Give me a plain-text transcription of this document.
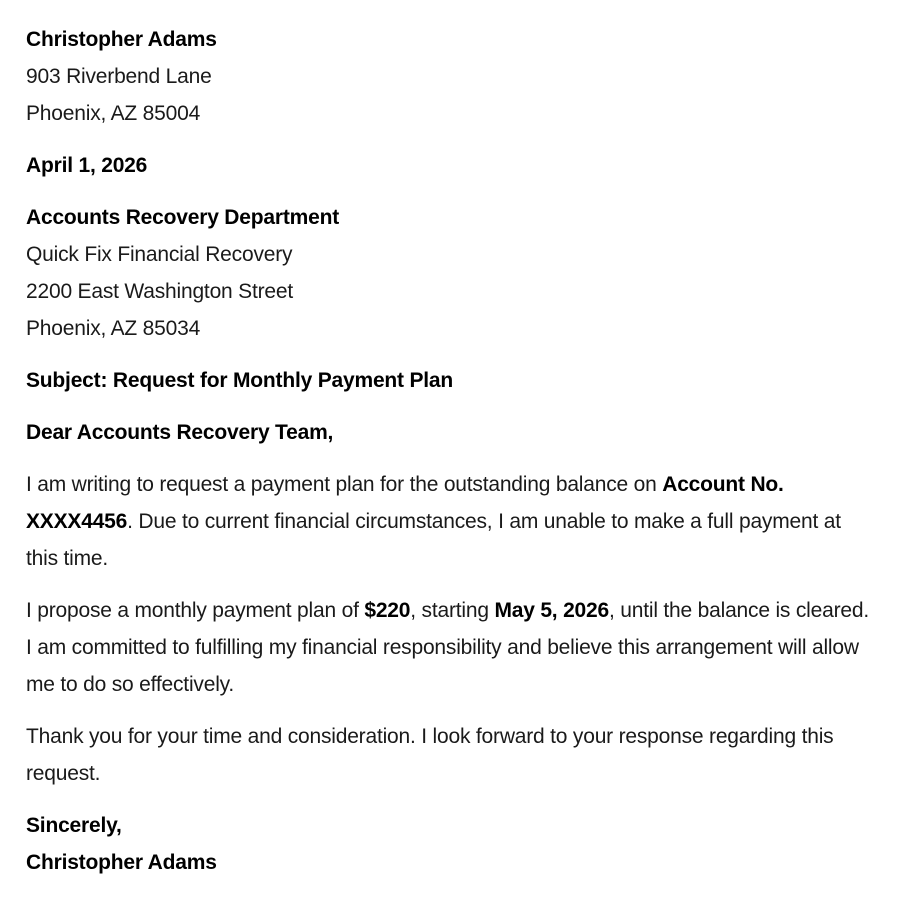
Christopher Adams
903 Riverbend Lane
Phoenix, AZ 85004
April 1, 2026
Accounts Recovery Department
Quick Fix Financial Recovery
2200 East Washington Street
Phoenix, AZ 85034
Subject: Request for Monthly Payment Plan
Dear Accounts Recovery Team,

I am writing to request a payment plan for the outstanding balance on Account No. XXXX4456. Due to current financial circumstances, I am unable to make a full payment at this time.

I propose a monthly payment plan of $220, starting May 5, 2026, until the balance is cleared. I am committed to fulfilling my financial responsibility and believe this arrangement will allow me to do so effectively.

Thank you for your time and consideration. I look forward to your response regarding this request.

Sincerely,
Christopher Adams
